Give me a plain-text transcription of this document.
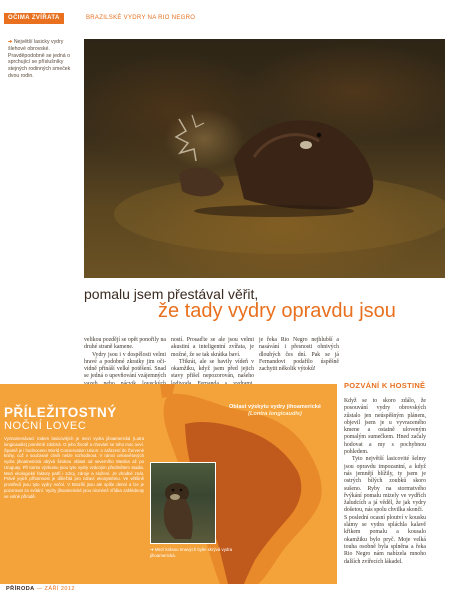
OČIMA ZVÍŘATA	BRAZILSKÉ VYDRY NA RIO NEGRO
➔ Největší lasicky vydry šlehové obrovské. Pravděpodobně se jedná o sprchující se příslušníky stejných rodinných smeček dvou rodin.
pomalu jsem přestával věřit,
že tady vydry opravdu jsou

velikou pozdějí se opět ponořily na druhé straně kamene.

Vydry jsou i v dospělosti velmi hravé a podobné zkratky jim oči-vidně přináší velké potěšení. Snad se jedná o upevňování vzájemných

ností. Prosaďte se ale jsou velmi akustiní a inteligentní zvířata, je možné, že se tak skrátka baví.

Třikrát, ale se bavily vídeň v okamžiku, když jsem před jejich stavy přišel nepozorován, našeho

je řeka Rio Negro nejhlubší a nasávání i přesnosti ohnivých dlouhých čes dní. Pak se já Fernandovi podařilo úspěšně zachytit několik výtoků!

POZVÁNÍ K HOSTINĚ

Když se to skoro zdálo, že posouvání vydry obrovských zůstalo jen neúspěšným plánem, objevil jsem je u vyvraceného kmene a ostatně uloveným pomalým sumečkem. Hned začaly hodovat a my s pochybnou pohledem.

Tyto největší lasicovité šelmy jsou opravdu impozantní, a když nás jemnějí blížily, ty jsem je ostrých bílých zoubků skoro sušeno. Ryby na stormstvého řvýkání pomalu mizely ve vydřích žaludcích a já věděl, že jak vydry došetou, nás spolu chvilka skončí.

S poslední ocasní ploutví v kousku slámy se vydra spláchla kalavě křikem pomalu a kousalo okamžiku bylo pryč. Moje velká touha osobně byla splněna a řeka Rio Negro nám nabízela mnoho dalších zvířecích lákadel.

PŘÍLEŽITOSTNÝ
NOČNÍ LOVEC
Vyznamenávací rodem lasicovitých je mezi vydra jihoamerická (Lutra longicaudis) poměrně zdobná. O jeho životě a chování se toho moc neví. Špatně je i hodnoceno World Conservation Union: o zařazení do Červené knihy, což v současné chvíli nelze rozhodnout. V rámci celosvětových vydra jihoamerická obývá širokou oblast od severního Mexika až po Uruguay. Při tomto výzkumu jsou tyto vydry vzácným předmětem studia. Mezi ekologické faktory patří i zdroj, zdroje a složení. Je vhodné znát. Právě jejich přítomnost je důležitá pro zdraví ekosystému. Ve většině prostředí jsou tyto vydry noční. V Brazílii jsou ale spíše denní a lze je pozorovat za svítání. Vydry jihoamerické jsou nicméně zřídka zahlédnuty ve volné přírodě.
Oblast výskytu vydry jihoamerické
(Lontra longicaudis)
➔ Mezi krásou tmavých bylin skrývá vydra jihoamerická.
PŘÍRODA — ZÁŘÍ 2012
